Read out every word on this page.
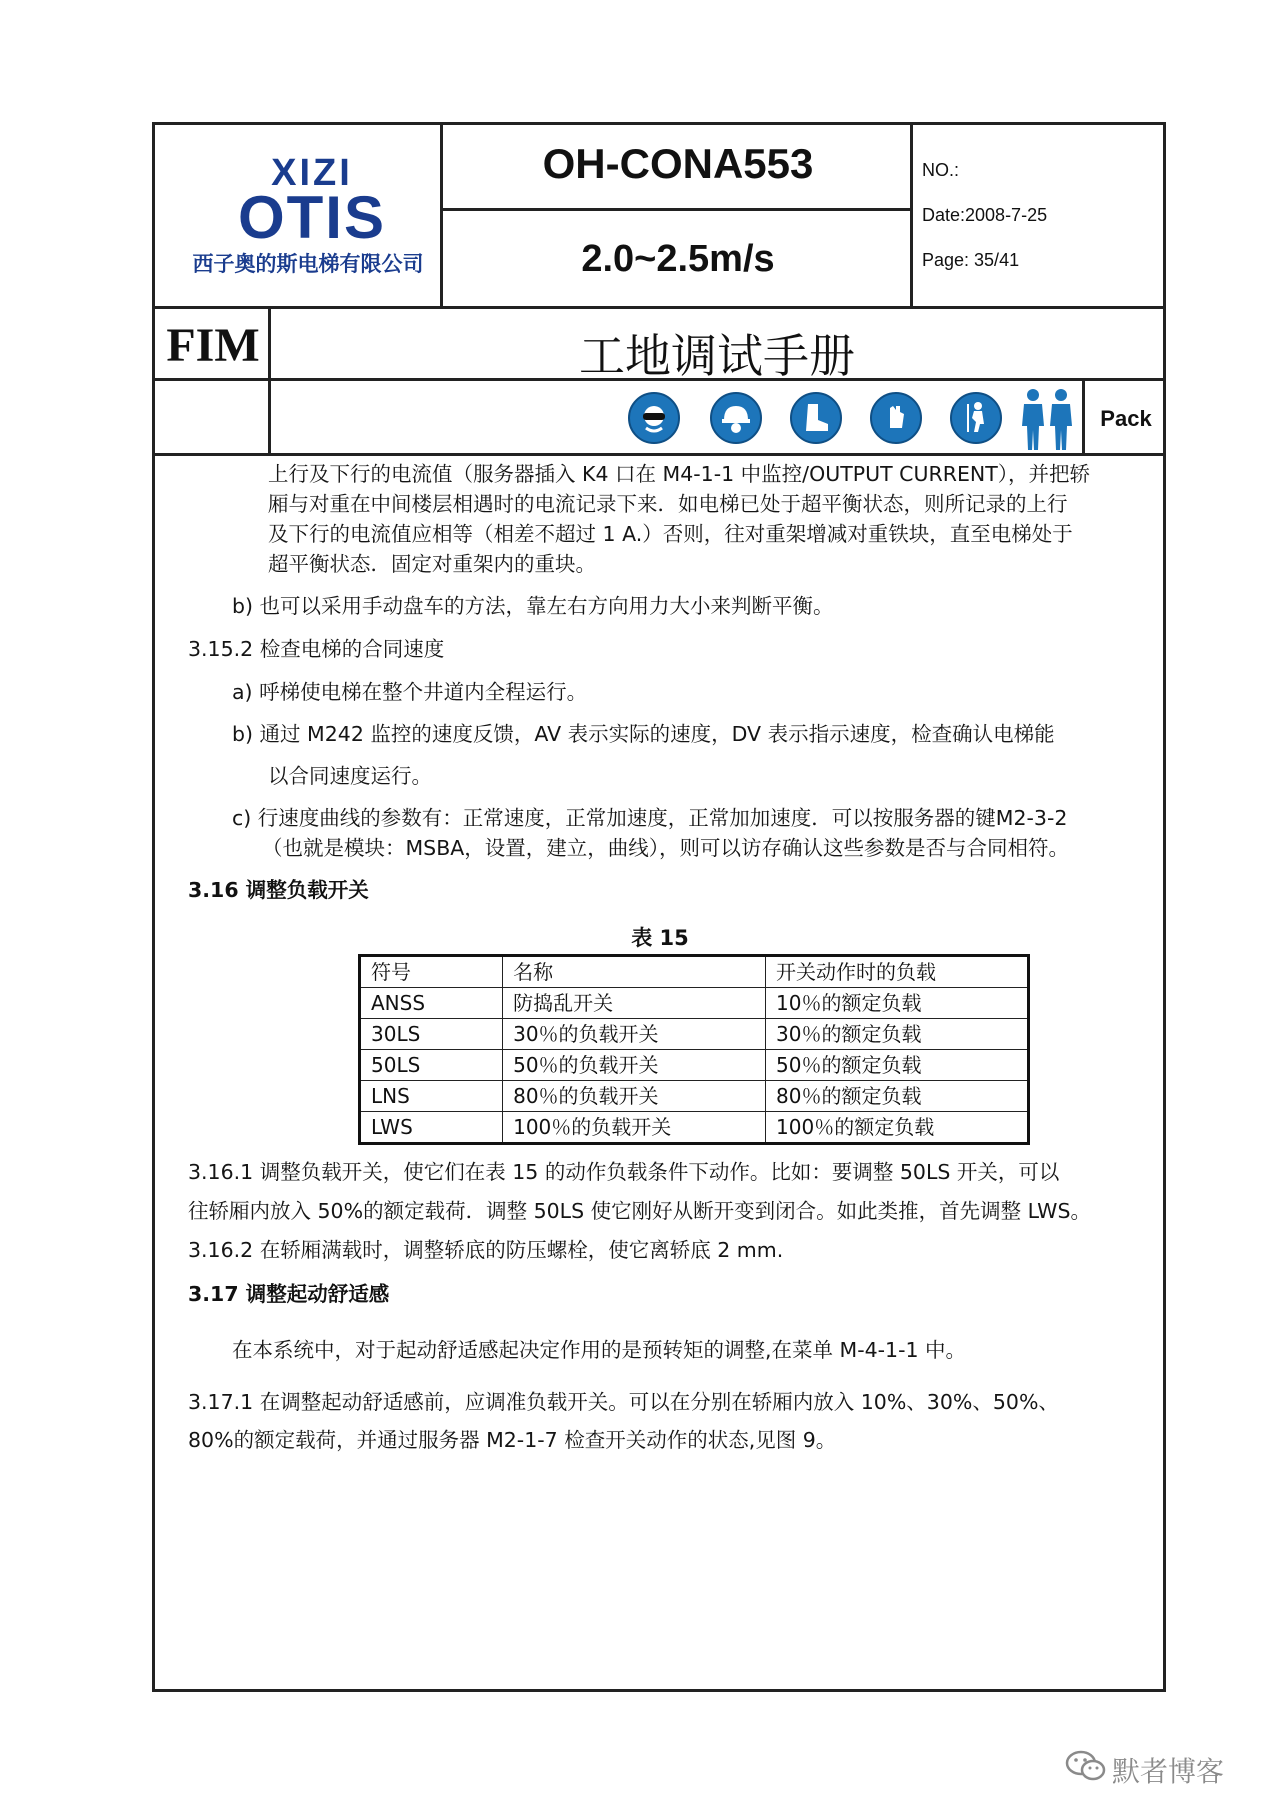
XIZI
OTIS
西子奥的斯电梯有限公司
OH-CONA553
2.0~2.5m/s
NO.:
Date:2008-7-25
Page: 35/41
FIM	工地调试手册
Pack
上行及下行的电流值（服务器插入 K4 口在 M4-1-1 中监控/OUTPUT CURRENT），并把轿
厢与对重在中间楼层相遇时的电流记录下来．如电梯已处于超平衡状态，则所记录的上行
及下行的电流值应相等（相差不超过 1 A.）否则，往对重架增减对重铁块，直至电梯处于
超平衡状态．固定对重架内的重块。
b) 也可以采用手动盘车的方法，靠左右方向用力大小来判断平衡。
3.15.2 检查电梯的合同速度
a) 呼梯使电梯在整个井道内全程运行。
b) 通过 M242 监控的速度反馈，AV 表示实际的速度，DV 表示指示速度，检查确认电梯能
以合同速度运行。
c) 行速度曲线的参数有：正常速度，正常加速度，正常加加速度．可以按服务器的键M2-3-2
（也就是模块：MSBA，设置，建立，曲线），则可以访存确认这些参数是否与合同相符。
3.16 调整负载开关
表 15
符号	名称	开关动作时的负载
ANSS	防捣乱开关	10％的额定负载
30LS	30％的负载开关	30％的额定负载
50LS	50％的负载开关	50％的额定负载
LNS	80％的负载开关	80％的额定负载
LWS	100％的负载开关	100％的额定负载
3.16.1 调整负载开关，使它们在表 15 的动作负载条件下动作。比如：要调整 50LS 开关，可以
往轿厢内放入 50%的额定载荷．调整 50LS 使它刚好从断开变到闭合。如此类推，首先调整 LWS。
3.16.2 在轿厢满载时，调整轿底的防压螺栓，使它离轿底 2 mm.
3.17 调整起动舒适感
在本系统中，对于起动舒适感起决定作用的是预转矩的调整,在菜单 M-4-1-1 中。
3.17.1 在调整起动舒适感前，应调准负载开关。可以在分别在轿厢内放入 10%、30%、50%、
80%的额定载荷，并通过服务器 M2-1-7 检查开关动作的状态,见图 9。
默者博客
